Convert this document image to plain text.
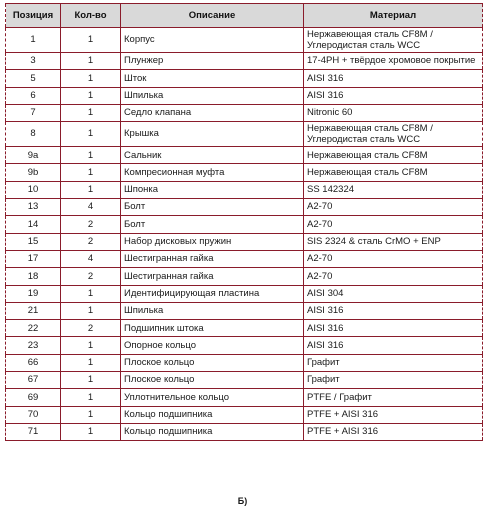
Позиция	Кол-во	Описание	Материал
1	1	Корпус	Нержавеющая сталь CF8M /
Углеродистая сталь WCC

3	1	Плунжер	17-4PH + твёрдое хромовое покрытие

5	1	Шток	AISI 316

6	1	Шпилька	AISI 316

7	1	Седло клапана	Nitronic 60

8	1	Крышка	Нержавеющая сталь CF8M /
Углеродистая сталь WCC

9a	1	Сальник	Нержавеющая сталь CF8M

9b	1	Компресионная муфта	Нержавеющая сталь CF8M

10	1	Шпонка	SS 142324

13	4	Болт	A2-70

14	2	Болт	A2-70

15	2	Набор дисковых пружин	SIS 2324 & сталь CrMO + ENP

17	4	Шестигранная гайка	A2-70

18	2	Шестигранная гайка	A2-70

19	1	Идентифицирующая пластина	AISI 304

21	1	Шпилька	AISI 316

22	2	Подшипник штока	AISI 316

23	1	Опорное кольцо	AISI 316

66	1	Плоское кольцо	Графит

67	1	Плоское кольцо	Графит

69	1	Уплотнительное кольцо	PTFE / Графит

70	1	Кольцо подшипника	PTFE + AISI 316

71	1	Кольцо подшипника	PTFE + AISI 316
Б)
